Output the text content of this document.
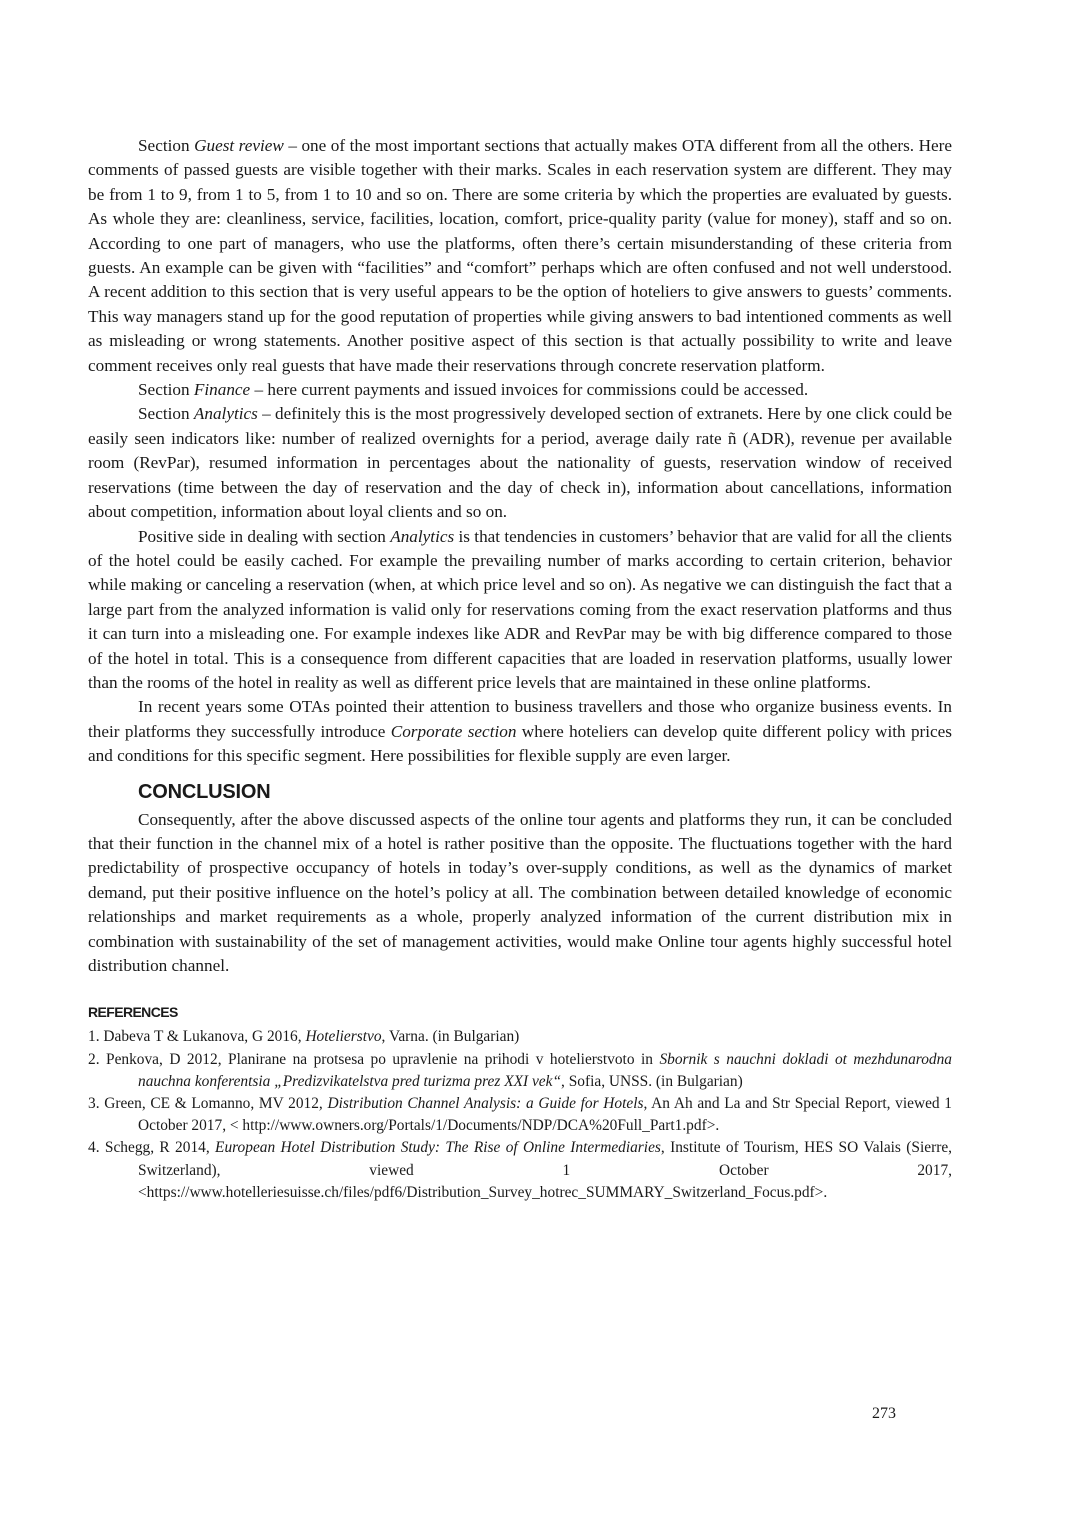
Section Guest review – one of the most important sections that actually makes OTA different from all the others. Here comments of passed guests are visible together with their marks. Scales in each reservation system are different. They may be from 1 to 9, from 1 to 5, from 1 to 10 and so on. There are some criteria by which the properties are evaluated by guests. As whole they are: cleanliness, service, facilities, location, comfort, price-quality parity (value for money), staff and so on. According to one part of managers, who use the platforms, often there’s certain misunderstanding of these criteria from guests. An example can be given with “facilities” and “comfort” perhaps which are often confused and not well understood. A recent addition to this section that is very useful appears to be the option of hoteliers to give answers to guests’ comments. This way managers stand up for the good reputation of properties while giving answers to bad intentioned comments as well as misleading or wrong statements. Another positive aspect of this section is that actually possibility to write and leave comment receives only real guests that have made their reservations through concrete reservation platform.

Section Finance – here current payments and issued invoices for commissions could be accessed.

Section Analytics – definitely this is the most progressively developed section of extranets. Here by one click could be easily seen indicators like: number of realized overnights for a period, average daily rate ñ (ADR), revenue per available room (RevPar), resumed information in percentages about the nationality of guests, reservation window of received reservations (time between the day of reservation and the day of check in), information about cancellations, information about competition, information about loyal clients and so on.

Positive side in dealing with section Analytics is that tendencies in customers’ behavior that are valid for all the clients of the hotel could be easily cached. For example the prevailing number of marks according to certain criterion, behavior while making or canceling a reservation (when, at which price level and so on). As negative we can distinguish the fact that a large part from the analyzed information is valid only for reservations coming from the exact reservation platforms and thus it can turn into a misleading one. For example indexes like ADR and RevPar may be with big difference compared to those of the hotel in total. This is a consequence from different capacities that are loaded in reservation platforms, usually lower than the rooms of the hotel in reality as well as different price levels that are maintained in these online platforms.

In recent years some OTAs pointed their attention to business travellers and those who organize business events. In their platforms they successfully introduce Corporate section where hoteliers can develop quite different policy with prices and conditions for this specific segment. Here possibilities for flexible supply are even larger.

CONCLUSION

Consequently, after the above discussed aspects of the online tour agents and platforms they run, it can be concluded that their function in the channel mix of a hotel is rather positive than the opposite. The fluctuations together with the hard predictability of prospective occupancy of hotels in today’s over-supply conditions, as well as the dynamics of market demand, put their positive influence on the hotel’s policy at all. The combination between detailed knowledge of economic relationships and market requirements as a whole, properly analyzed information of the current distribution mix in combination with sustainability of the set of management activities, would make Online tour agents highly successful hotel distribution channel.

REFERENCES
1. Dabeva T & Lukanova, G 2016, Hotelierstvo, Varna. (in Bulgarian)
2. Penkova, D 2012, Planirane na protsesa po upravlenie na prihodi v hotelierstvoto in Sbornik s nauchni dokladi ot mezhdunarodna nauchna konferentsia „Predizvikatelstva pred turizma prez XXI vek“, Sofia, UNSS. (in Bulgarian)
3. Green, CE & Lomanno, MV 2012, Distribution Channel Analysis: a Guide for Hotels, An Ah and La and Str Special Report, viewed 1 October 2017, < http://www.owners.org/Portals/1/Documents/NDP/DCA%20Full_Part1.pdf>.
4. Schegg, R 2014, European Hotel Distribution Study: The Rise of Online Intermediaries, Institute of Tourism, HES SO Valais (Sierre, Switzerland), viewed 1 October 2017, <https://www.hotelleriesuisse.ch/files/pdf6/Distribution_Survey_hotrec_SUMMARY_Switzerland_Focus.pdf>.
273
